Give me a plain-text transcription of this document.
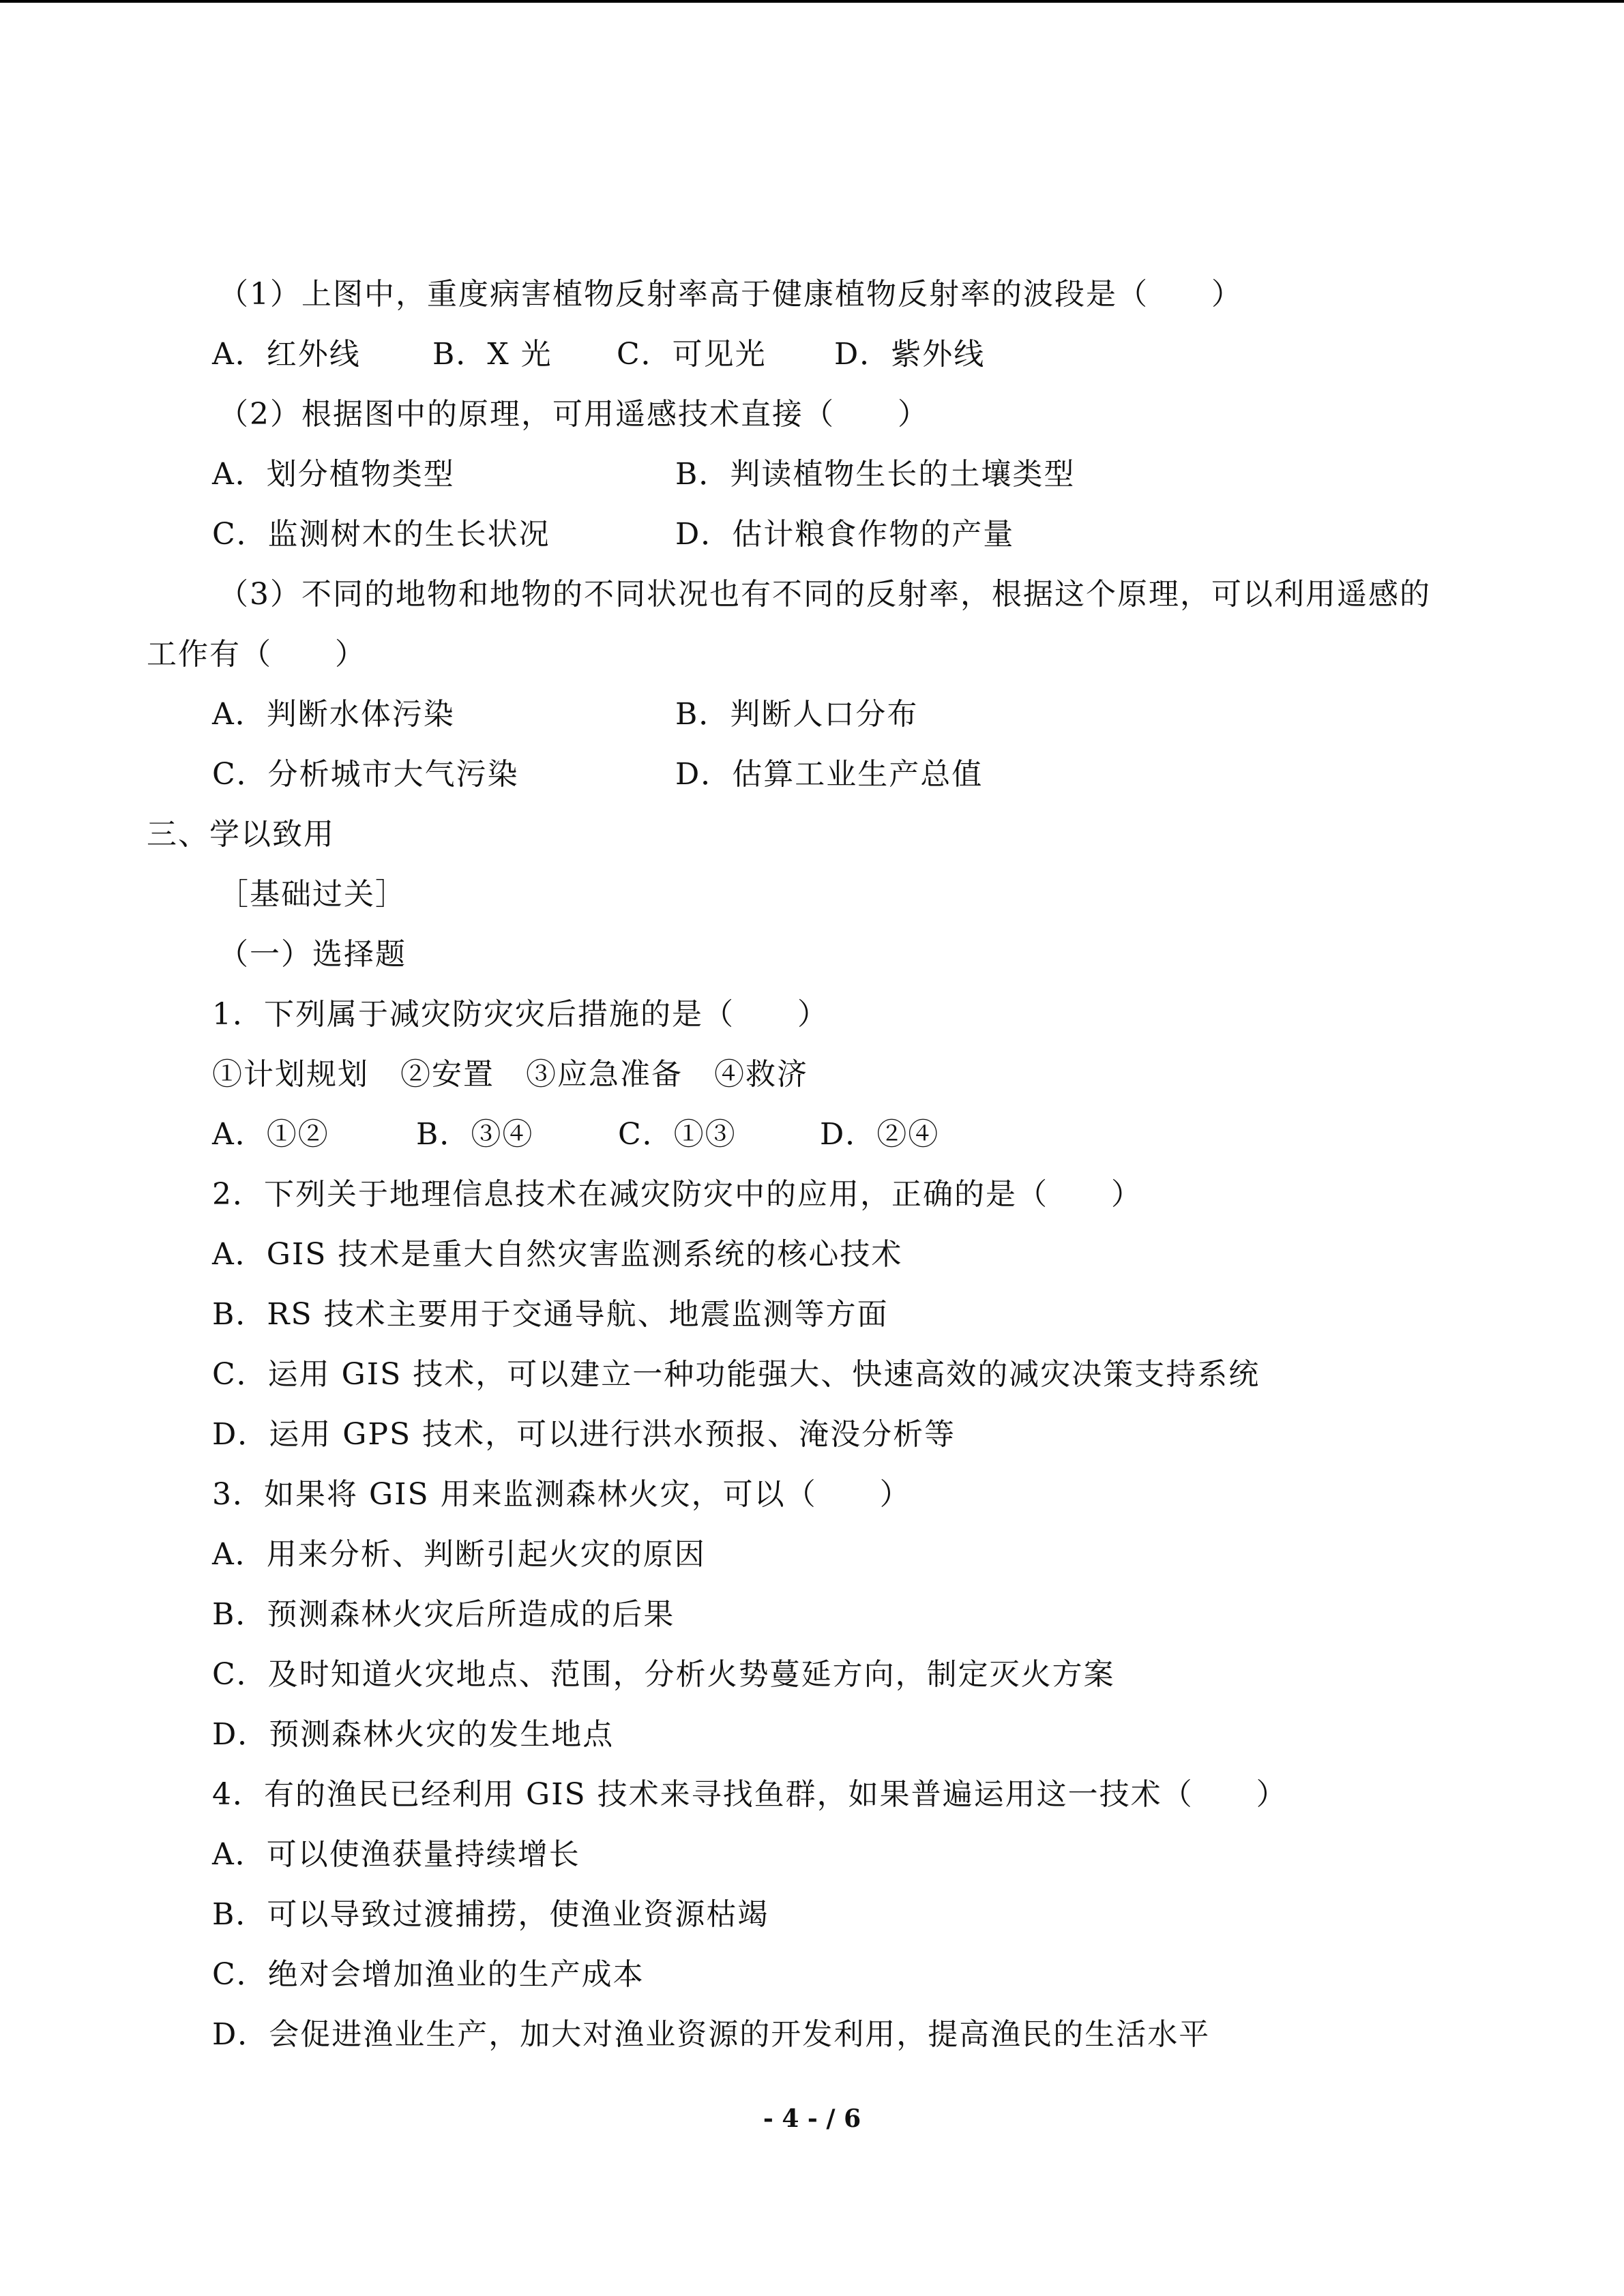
（1）上图中，重度病害植物反射率高于健康植物反射率的波段是（　　）
A．红外线 B．X 光 C．可见光 D．紫外线
（2）根据图中的原理，可用遥感技术直接（　　）
A．划分植物类型	B．判读植物生长的土壤类型
C．监测树木的生长状况	D．估计粮食作物的产量
（3）不同的地物和地物的不同状况也有不同的反射率，根据这个原理，可以利用遥感的
工作有（　　）
A．判断水体污染	B．判断人口分布
C．分析城市大气污染	D．估算工业生产总值
三、学以致用
［基础过关］
（一）选择题
1．下列属于减灾防灾灾后措施的是（　　）
①计划规划　②安置　③应急准备　④救济
A．①②	B．③④	C．①③	D．②④
2．下列关于地理信息技术在减灾防灾中的应用，正确的是（　　）
A．GIS 技术是重大自然灾害监测系统的核心技术
B．RS 技术主要用于交通导航、地震监测等方面
C．运用 GIS 技术，可以建立一种功能强大、快速高效的减灾决策支持系统
D．运用 GPS 技术，可以进行洪水预报、淹没分析等
3．如果将 GIS 用来监测森林火灾，可以（　　）
A．用来分析、判断引起火灾的原因
B．预测森林火灾后所造成的后果
C．及时知道火灾地点、范围，分析火势蔓延方向，制定灭火方案
D．预测森林火灾的发生地点
4．有的渔民已经利用 GIS 技术来寻找鱼群，如果普遍运用这一技术（　　）
A．可以使渔获量持续增长
B．可以导致过渡捕捞，使渔业资源枯竭
C．绝对会增加渔业的生产成本
D．会促进渔业生产，加大对渔业资源的开发利用，提高渔民的生活水平
- 4 - / 6
